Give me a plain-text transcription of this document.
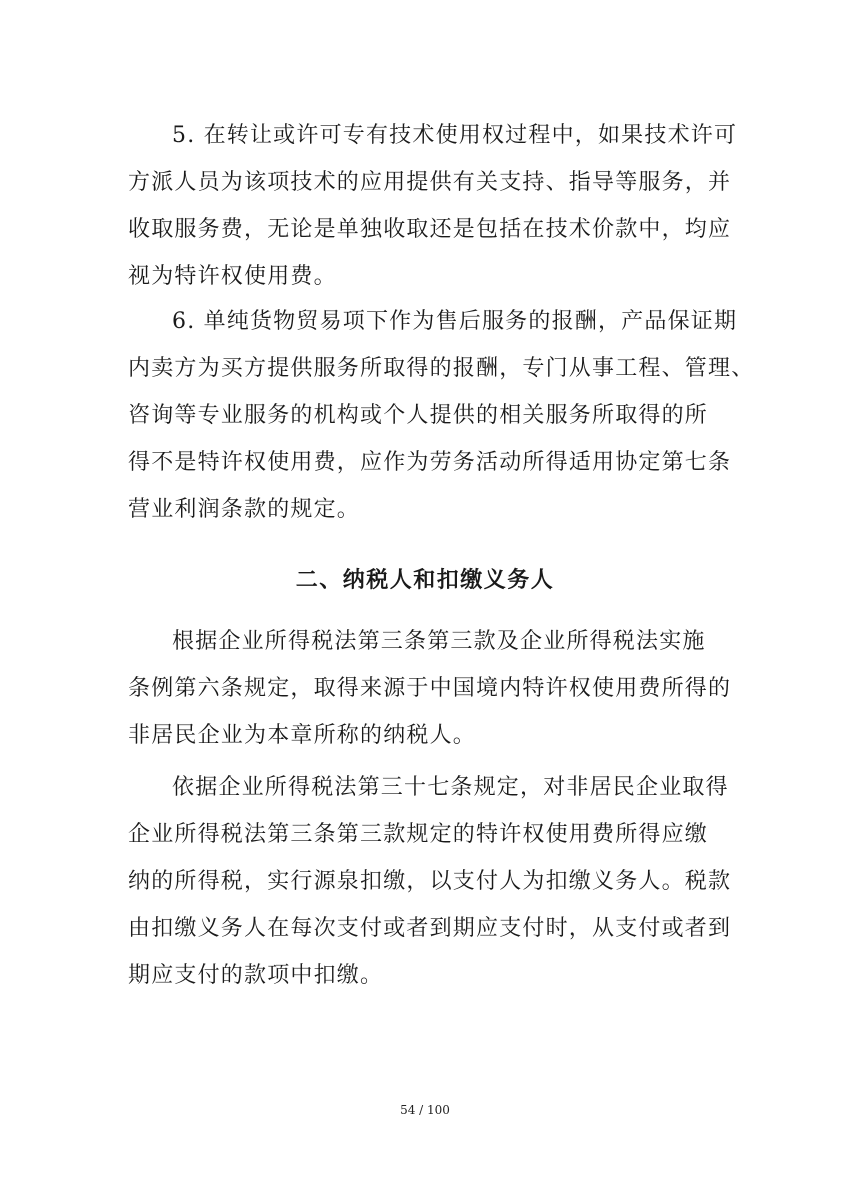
5. 在转让或许可专有技术使用权过程中，如果技术许可
方派人员为该项技术的应用提供有关支持、指导等服务，并
收取服务费，无论是单独收取还是包括在技术价款中，均应
视为特许权使用费。

6. 单纯货物贸易项下作为售后服务的报酬，产品保证期
内卖方为买方提供服务所取得的报酬，专门从事工程、管理、
咨询等专业服务的机构或个人提供的相关服务所取得的所
得不是特许权使用费，应作为劳务活动所得适用协定第七条
营业利润条款的规定。

二、纳税人和扣缴义务人

根据企业所得税法第三条第三款及企业所得税法实施
条例第六条规定，取得来源于中国境内特许权使用费所得的
非居民企业为本章所称的纳税人。

依据企业所得税法第三十七条规定，对非居民企业取得
企业所得税法第三条第三款规定的特许权使用费所得应缴
纳的所得税，实行源泉扣缴，以支付人为扣缴义务人。税款
由扣缴义务人在每次支付或者到期应支付时，从支付或者到
期应支付的款项中扣缴。

54 / 100
